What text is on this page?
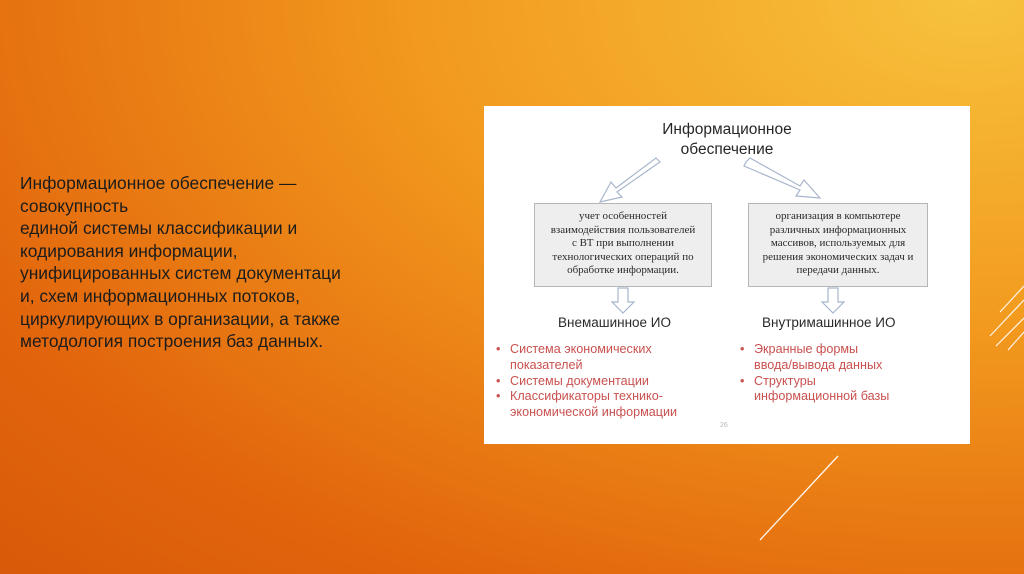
Информационное обеспечение —
совокупность
единой системы классификации и
кодирования информации,
унифицированных систем документаци
и, схем информационных потоков,
циркулирующих в организации, а также
методология построения баз данных.

Информационное
обеспечение
учет особенностей
взаимодействия пользователей
с ВТ при выполнении
технологических операций по
обработке информации.
организация в компьютере
различных информационных
массивов, используемых для
решения экономических задач и
передачи данных.
Внемашинное ИО	Внутримашинное ИО
• Система экономических
показателей
• Системы документации
• Классификаторы технико-
экономической информации
• Экранные формы
ввода/вывода данных
• Структуры
информационной базы
26
